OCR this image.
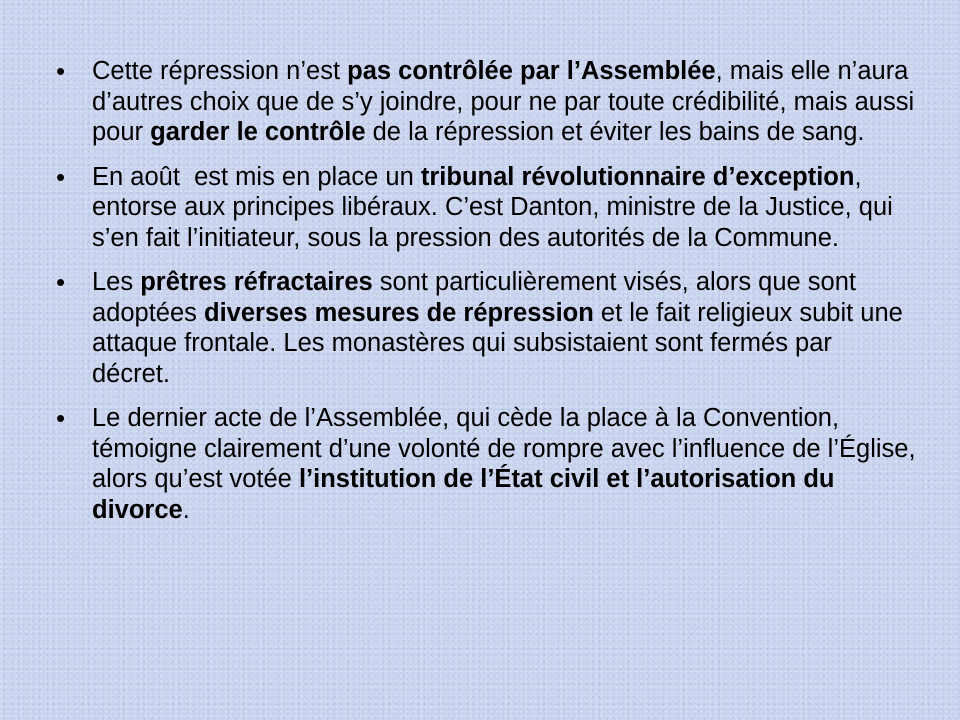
• Cette répression n’est pas contrôlée par l’Assemblée, mais elle n’aura d’autres choix que de s’y joindre, pour ne par toute crédibilité, mais aussi pour garder le contrôle de la répression et éviter les bains de sang.
• En août  est mis en place un tribunal révolutionnaire d’exception, entorse aux principes libéraux. C’est Danton, ministre de la Justice, qui s’en fait l’initiateur, sous la pression des autorités de la Commune.
• Les prêtres réfractaires sont particulièrement visés, alors que sont adoptées diverses mesures de répression et le fait religieux subit une attaque frontale. Les monastères qui subsistaient sont fermés par décret.
• Le dernier acte de l’Assemblée, qui cède la place à la Convention, témoigne clairement d’une volonté de rompre avec l’influence de l’Église, alors qu’est votée l’institution de l’État civil et l’autorisation du divorce.
